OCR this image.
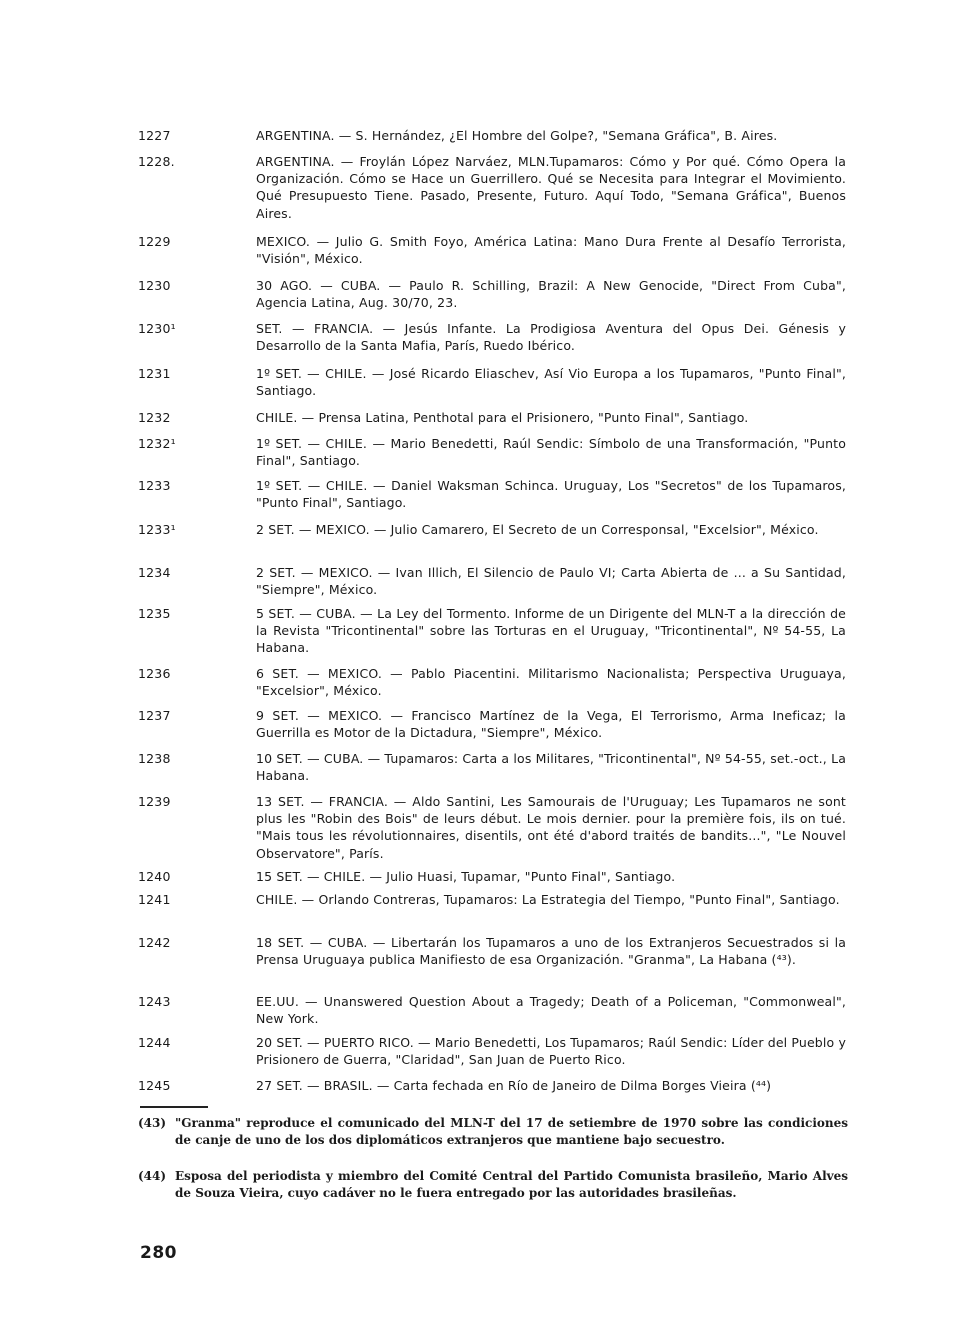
1227	ARGENTINA. — S. Hernández, ¿El Hombre del Golpe?, "Semana Gráfica", B. Aires.
1228.	ARGENTINA. — Froylán López Narváez, MLN.Tupamaros: Cómo y Por qué. Cómo Opera la Organización. Cómo se Hace un Guerrillero. Qué se Necesita para Integrar el Movimiento. Qué Presupuesto Tiene. Pasado, Presente, Futuro. Aquí Todo, "Semana Gráfica", Buenos Aires.
1229	MEXICO. — Julio G. Smith Foyo, América Latina: Mano Dura Frente al Desafío Terrorista, "Visión", México.
1230	30 AGO. — CUBA. — Paulo R. Schilling, Brazil: A New Genocide, "Direct From Cuba", Agencia Latina, Aug. 30/70, 23.
1230¹	SET. — FRANCIA. — Jesús Infante. La Prodigiosa Aventura del Opus Dei. Génesis y Desarrollo de la Santa Mafia, París, Ruedo Ibérico.
1231	1º SET. — CHILE. — José Ricardo Eliaschev, Así Vio Europa a los Tupamaros, "Punto Final", Santiago.
1232	CHILE. — Prensa Latina, Penthotal para el Prisionero, "Punto Final", Santiago.
1232¹	1º SET. — CHILE. — Mario Benedetti, Raúl Sendic: Símbolo de una Transformación, "Punto Final", Santiago.
1233	1º SET. — CHILE. — Daniel Waksman Schinca. Uruguay, Los "Secretos" de los Tupamaros, "Punto Final", Santiago.
1233¹	2 SET. — MEXICO. — Julio Camarero, El Secreto de un Corresponsal, "Excelsior", México.
1234	2 SET. — MEXICO. — Ivan Illich, El Silencio de Paulo VI; Carta Abierta de ... a Su Santidad, "Siempre", México.
1235	5 SET. — CUBA. — La Ley del Tormento. Informe de un Dirigente del MLN-T a la dirección de la Revista "Tricontinental" sobre las Torturas en el Uruguay, "Tricontinental", Nº 54-55, La Habana.
1236	6 SET. — MEXICO. — Pablo Piacentini. Militarismo Nacionalista; Perspectiva Uruguaya, "Excelsior", México.
1237	9 SET. — MEXICO. — Francisco Martínez de la Vega, El Terrorismo, Arma Ineficaz; la Guerrilla es Motor de la Dictadura, "Siempre", México.
1238	10 SET. — CUBA. — Tupamaros: Carta a los Militares, "Tricontinental", Nº 54-55, set.-oct., La Habana.
1239	13 SET. — FRANCIA. — Aldo Santini, Les Samourais de l'Uruguay; Les Tupamaros ne sont plus les "Robin des Bois" de leurs début. Le mois dernier. pour la première fois, ils on tué. "Mais tous les révolutionnaires, disentils, ont été d'abord traités de bandits...", "Le Nouvel Observatore", París.
1240	15 SET. — CHILE. — Julio Huasi, Tupamar, "Punto Final", Santiago.
1241	CHILE. — Orlando Contreras, Tupamaros: La Estrategia del Tiempo, "Punto Final", Santiago.
1242	18 SET. — CUBA. — Libertarán los Tupamaros a uno de los Extranjeros Secuestrados si la Prensa Uruguaya publica Manifiesto de esa Organización. "Granma", La Habana (⁴³).
1243	EE.UU. — Unanswered Question About a Tragedy; Death of a Policeman, "Commonweal", New York.
1244	20 SET. — PUERTO RICO. — Mario Benedetti, Los Tupamaros; Raúl Sendic: Líder del Pueblo y Prisionero de Guerra, "Claridad", San Juan de Puerto Rico.
1245	27 SET. — BRASIL. — Carta fechada en Río de Janeiro de Dilma Borges Vieira (⁴⁴)
(43) "Granma" reproduce el comunicado del MLN-T del 17 de setiembre de 1970 sobre las condiciones de canje de uno de los dos diplomáticos extranjeros que mantiene bajo secuestro.
(44) Esposa del periodista y miembro del Comité Central del Partido Comunista brasileño, Mario Alves de Souza Vieira, cuyo cadáver no le fuera entregado por las autoridades brasileñas.
280
